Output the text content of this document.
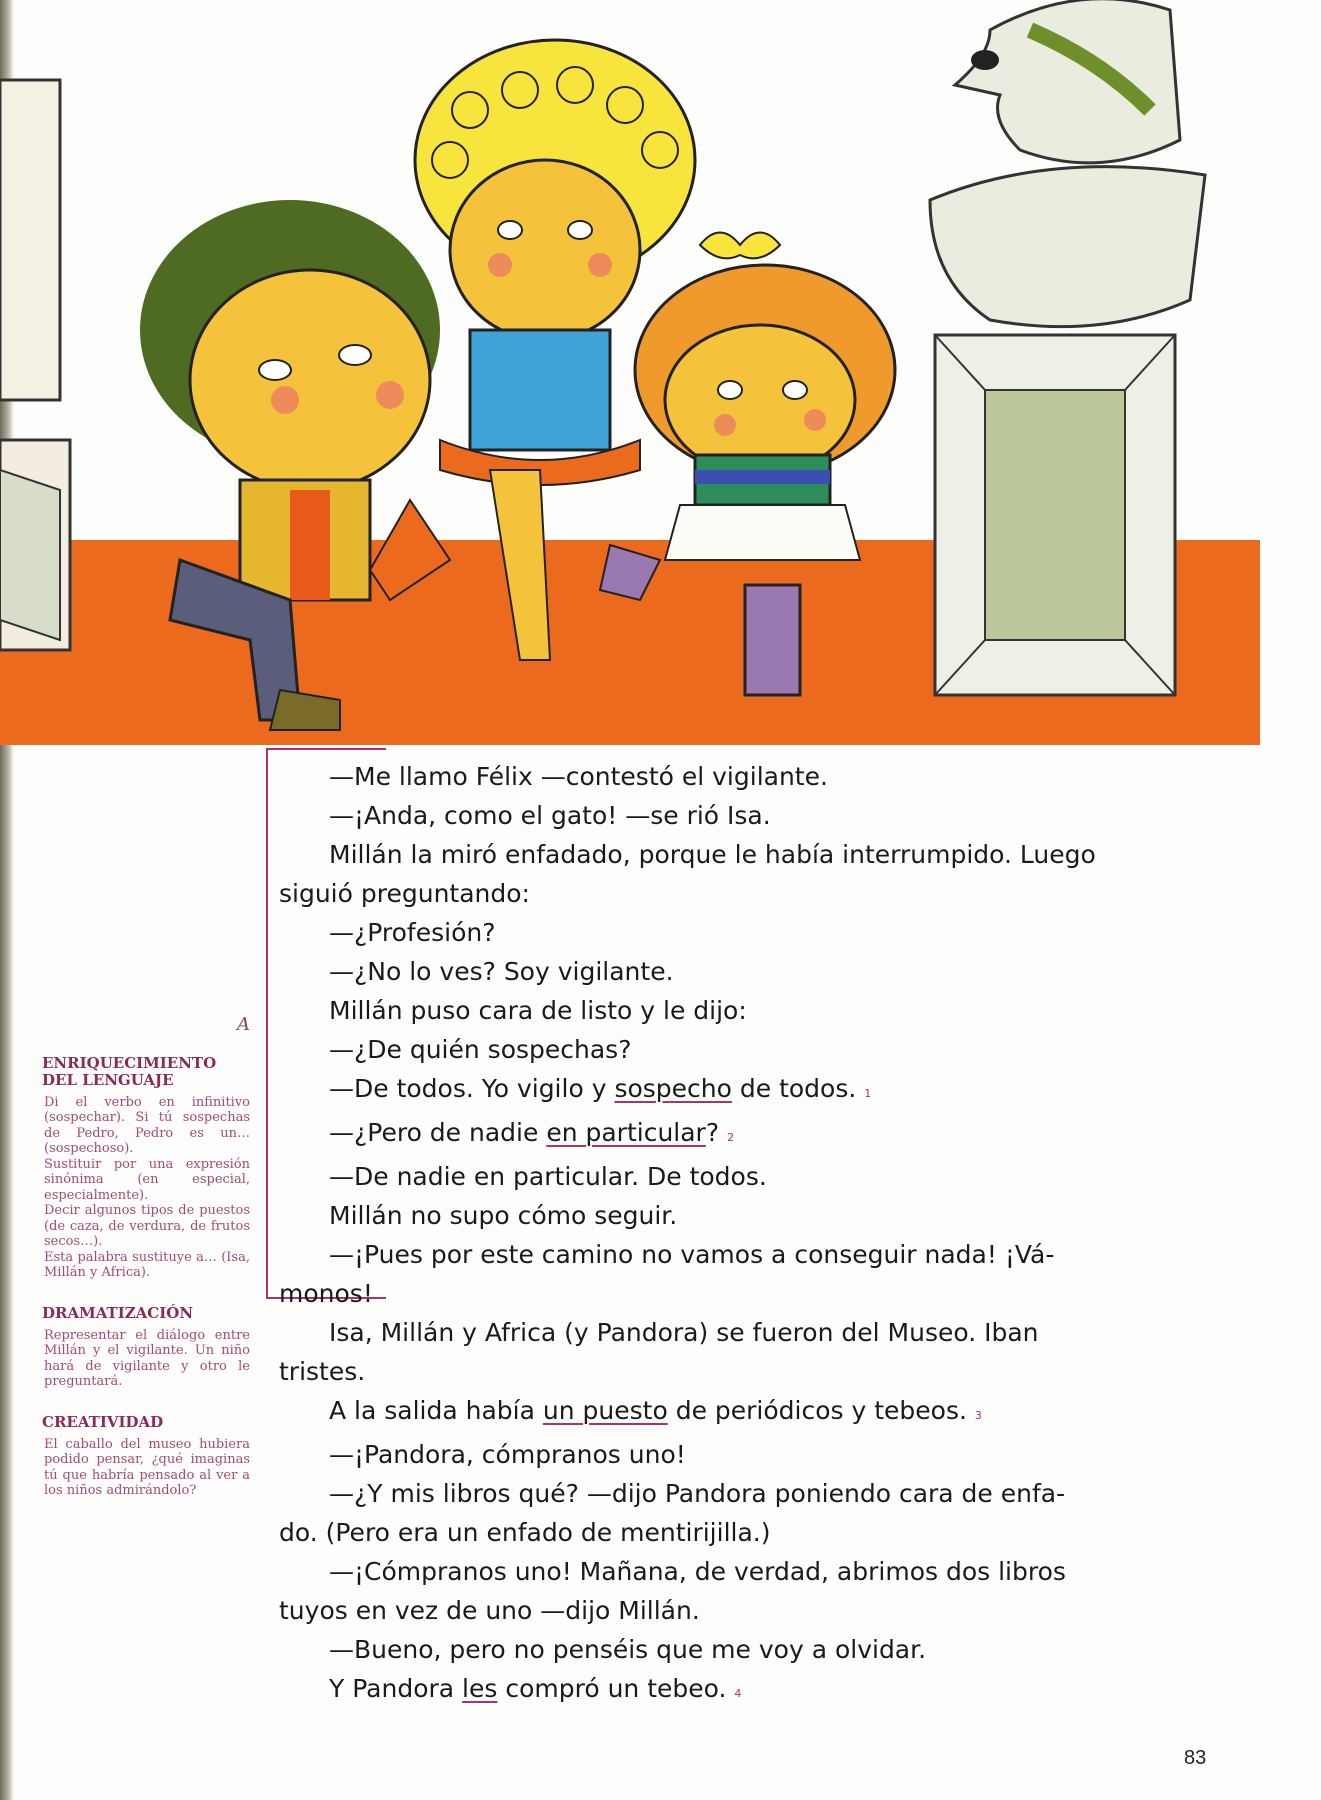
—Me llamo Félix —contestó el vigilante.

—¡Anda, como el gato! —se rió Isa.

Millán la miró enfadado, porque le había interrumpido. Luego

siguió preguntando:

—¿Profesión?

—¿No lo ves? Soy vigilante.

Millán puso cara de listo y le dijo:

—¿De quién sospechas?

—De todos. Yo vigilo y sospecho de todos. 1

—¿Pero de nadie en particular? 2

—De nadie en particular. De todos.

Millán no supo cómo seguir.

—¡Pues por este camino no vamos a conseguir nada! ¡Vá-

monos!

Isa, Millán y Africa (y Pandora) se fueron del Museo. Iban

tristes.

A la salida había un puesto de periódicos y tebeos. 3

—¡Pandora, cómpranos uno!

—¿Y mis libros qué? —dijo Pandora poniendo cara de enfa-

do. (Pero era un enfado de mentirijilla.)

—¡Cómpranos uno! Mañana, de verdad, abrimos dos libros

tuyos en vez de uno —dijo Millán.

—Bueno, pero no penséis que me voy a olvidar.

Y Pandora les compró un tebeo. 4

A
ENRIQUECIMIENTO DEL LENGUAJE
Di el verbo en infinitivo (sospechar). Si tú sospechas de Pedro, Pedro es un… (sospechoso).
Sustituir por una expresión sinónima (en especial, especialmente).
Decir algunos tipos de puestos (de caza, de verdura, de frutos secos…).
Esta palabra sustituye a… (Isa, Millán y Africa).
DRAMATIZACIÓN
Representar el diálogo entre Millán y el vigilante. Un niño hará de vigilante y otro le preguntará.
CREATIVIDAD
El caballo del museo hubiera podido pensar, ¿qué imaginas tú que habría pensado al ver a los niños admirándolo?
83
